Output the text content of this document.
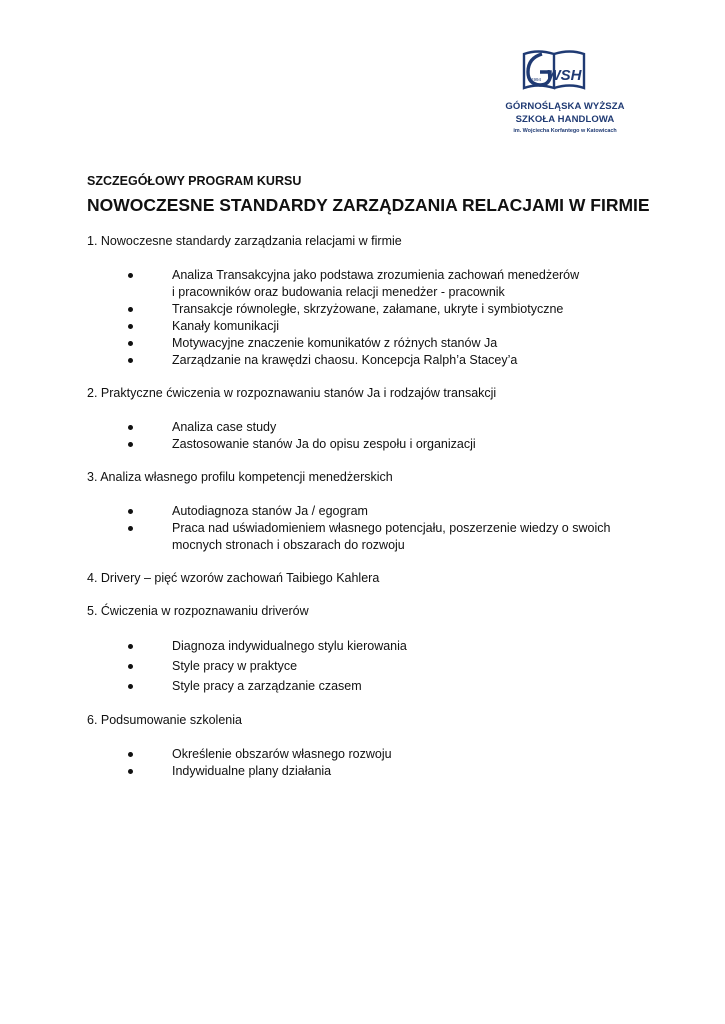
WSH
1994
GÓRNOŚLĄSKA WYŻSZA
SZKOŁA HANDLOWA
im. Wojciecha Korfantego w Katowicach

SZCZEGÓŁOWY PROGRAM KURSU

NOWOCZESNE STANDARDY ZARZĄDZANIA RELACJAMI W FIRMIE

1. Nowoczesne standardy zarządzania relacjami w firmie

Analiza Transakcyjna jako podstawa zrozumienia zachowań menedżerów
i pracowników oraz budowania relacji menedżer - pracownik
Transakcje równoległe, skrzyżowane, załamane, ukryte i symbiotyczne
Kanały komunikacji
Motywacyjne znaczenie komunikatów z różnych stanów Ja
Zarządzanie na krawędzi chaosu. Koncepcja Ralph’a Stacey’a

2. Praktyczne ćwiczenia w rozpoznawaniu stanów Ja i rodzajów transakcji

Analiza case study
Zastosowanie stanów Ja do opisu zespołu i organizacji

3. Analiza własnego profilu kompetencji menedżerskich

Autodiagnoza stanów Ja / egogram
Praca nad uświadomieniem własnego potencjału, poszerzenie wiedzy o swoich
mocnych stronach i obszarach do rozwoju

4. Drivery – pięć wzorów zachowań Taibiego Kahlera

5. Ćwiczenia w rozpoznawaniu driverów

Diagnoza indywidualnego stylu kierowania
Style pracy w praktyce
Style pracy a zarządzanie czasem

6. Podsumowanie szkolenia

Określenie obszarów własnego rozwoju
Indywidualne plany działania
